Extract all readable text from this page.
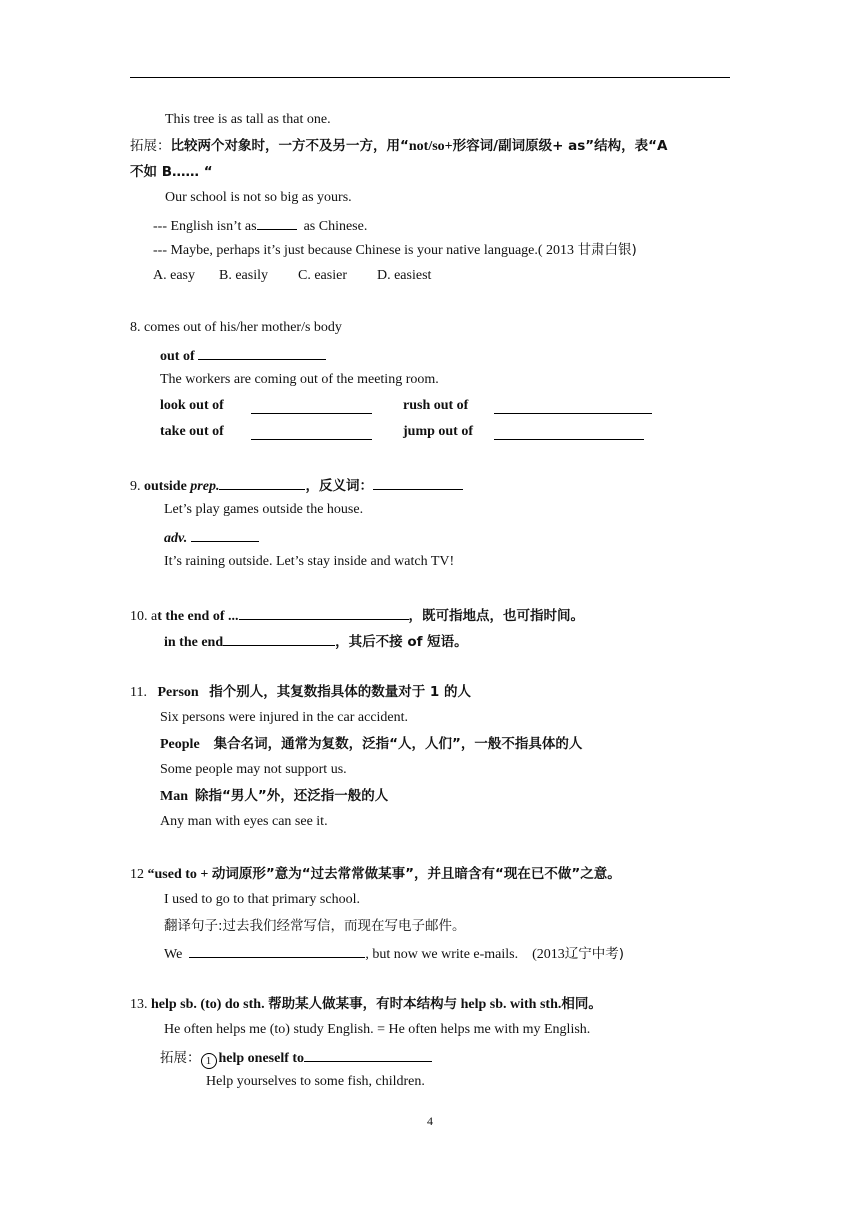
This tree is as tall as that one.
拓展：比较两个对象时，一方不及另一方，用“not/so+形容词/副词原级+ as”结构，表“A
不如 B…… “
Our school is not so big as yours.
--- English isn’t as	as Chinese.
--- Maybe, perhaps it’s just because Chinese is your native language.( 2013 甘肃白银)
A. easy B. easily C. easier D. easiest
8. comes out of his/her mother/s body
out of
The workers are coming out of the meeting room.
look out of	rush out of
take out of	jump out of
9. outside prep.	，反义词：
Let’s play games outside the house.
adv.
It’s raining outside. Let’s stay inside and watch TV!
10. at the end of ...	，既可指地点，也可指时间。
in the end	，其后不接 of 短语。
11. Person 指个别人，其复数指具体的数量对于 1 的人
Six persons were injured in the car accident.
People 集合名词，通常为复数，泛指“人，人们”，一般不指具体的人
Some people may not support us.
Man 除指“男人”外，还泛指一般的人
Any man with eyes can see it.
12 “used to + 动词原形”意为“过去常常做某事”，并且暗含有“现在已不做”之意。
I used to go to that primary school.
翻译句子:过去我们经常写信，而现在写电子邮件。
We	, but now we write e-mails. (2013辽宁中考)
13. help sb. (to) do sth. 帮助某人做某事，有时本结构与 help sb. with sth.相同。
He often helps me (to) study English. = He often helps me with my English.
拓展： 1 help oneself to
Help yourselves to some fish, children.
4
